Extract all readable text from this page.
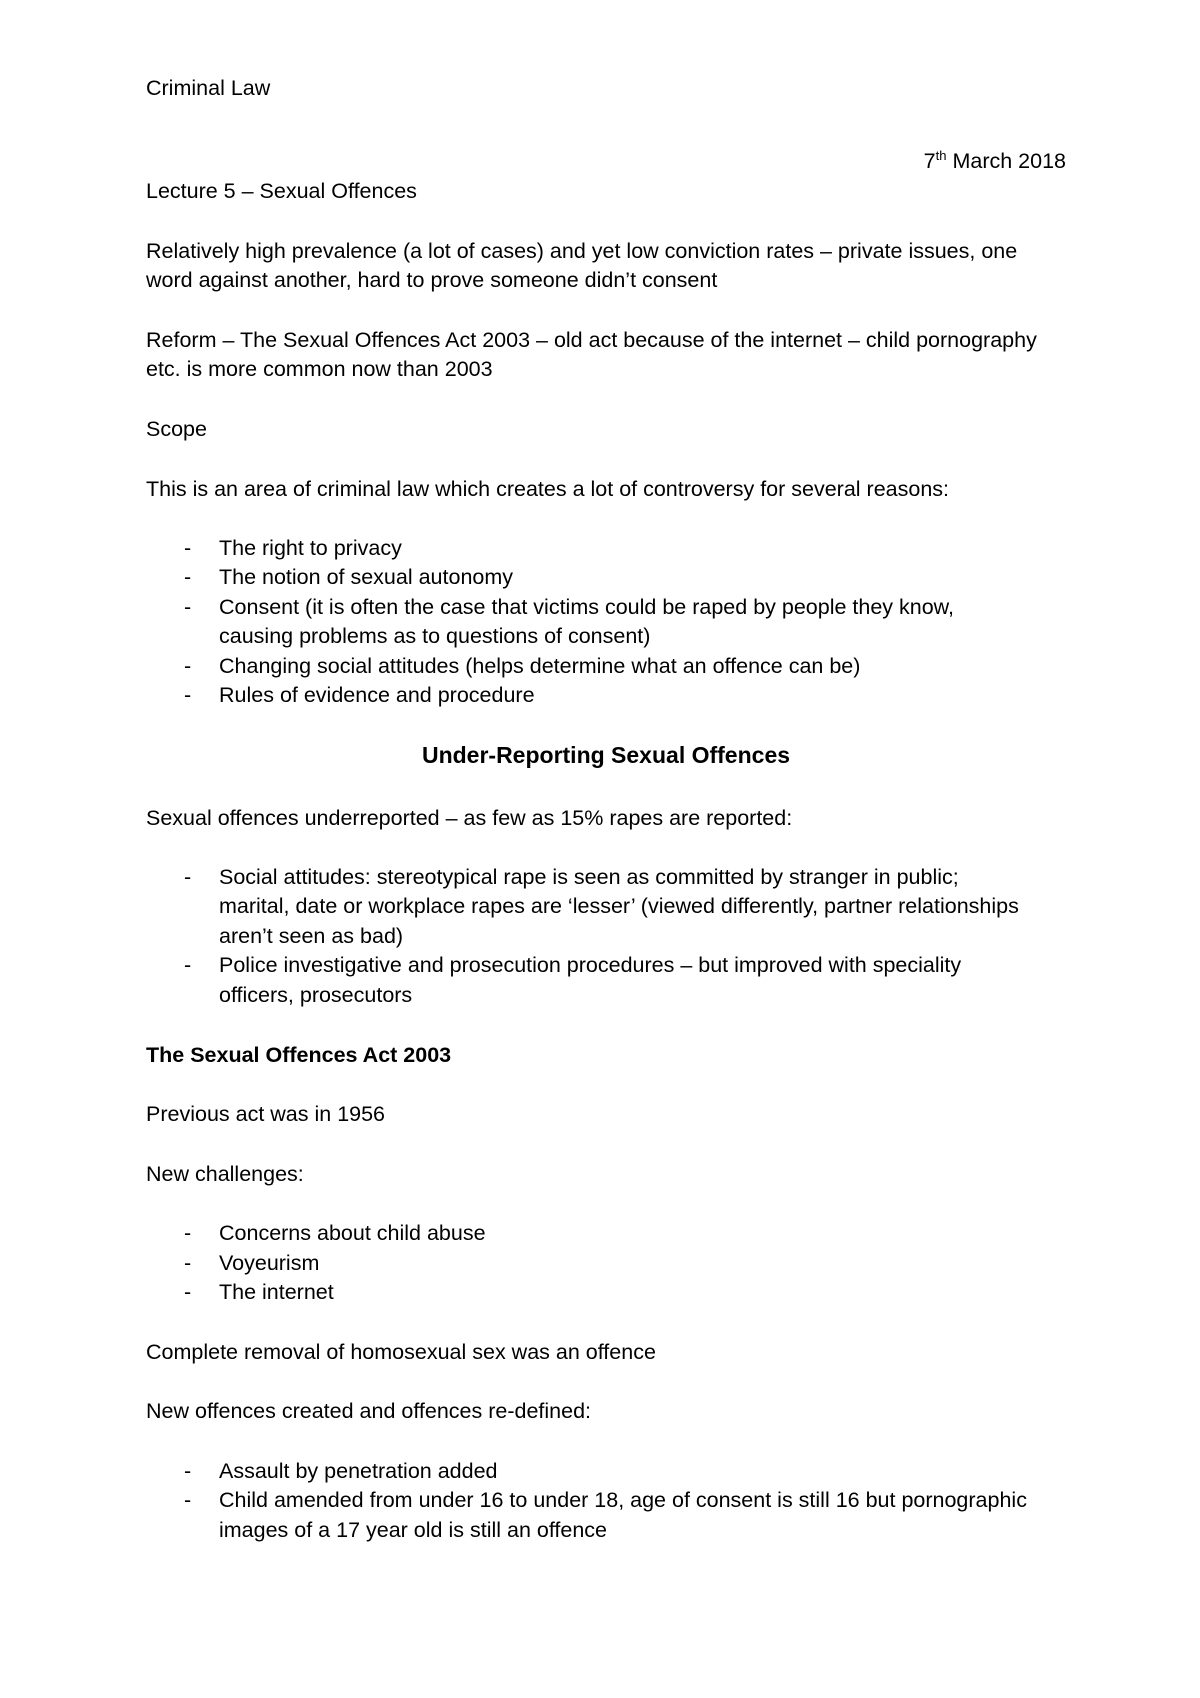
Criminal Law

7th March 2018

Lecture 5 – Sexual Offences

Relatively high prevalence (a lot of cases) and yet low conviction rates – private issues, one

word against another, hard to prove someone didn’t consent

Reform – The Sexual Offences Act 2003 – old act because of the internet – child pornography

etc. is more common now than 2003

Scope

This is an area of criminal law which creates a lot of controversy for several reasons:

- The right to privacy
- The notion of sexual autonomy
- Consent (it is often the case that victims could be raped by people they know,
causing problems as to questions of consent)
- Changing social attitudes (helps determine what an offence can be)
- Rules of evidence and procedure

Under-Reporting Sexual Offences

Sexual offences underreported – as few as 15% rapes are reported:

- Social attitudes: stereotypical rape is seen as committed by stranger in public;
marital, date or workplace rapes are ‘lesser’ (viewed differently, partner relationships
aren’t seen as bad)
- Police investigative and prosecution procedures – but improved with speciality
officers, prosecutors

The Sexual Offences Act 2003

Previous act was in 1956

New challenges:

- Concerns about child abuse
- Voyeurism
- The internet

Complete removal of homosexual sex was an offence

New offences created and offences re-defined:

- Assault by penetration added
- Child amended from under 16 to under 18, age of consent is still 16 but pornographic
images of a 17 year old is still an offence
